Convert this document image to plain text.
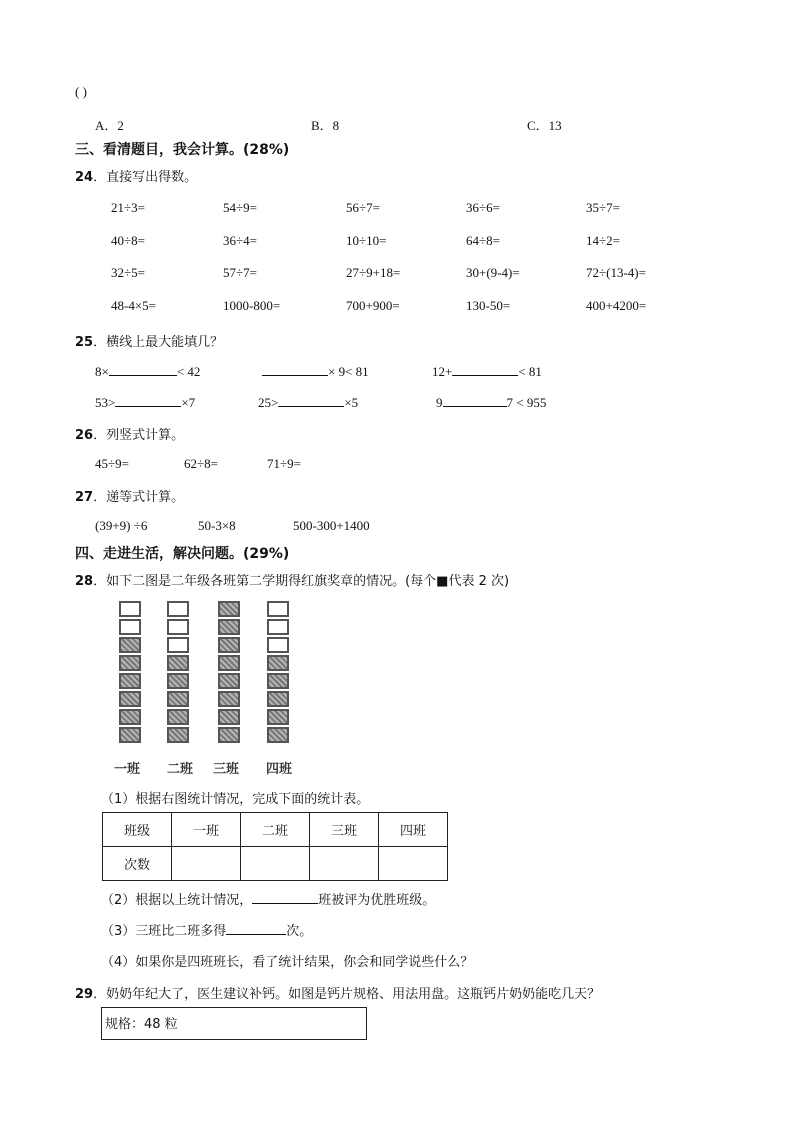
( )
A．2	B．8	C．13
三、看清题目，我会计算。(28%)
24．直接写出得数。
21÷3=	54÷9=	56÷7=	36÷6=	35÷7=
40÷8=	36÷4=	10÷10=	64÷8=	14÷2=
32÷5=	57÷7=	27÷9+18=	30+(9-4)=	72÷(13-4)=
48-4×5=	1000-800=	700+900=	130-50=	400+4200=
25．横线上最大能填几？
8×	< 42	× 9< 81	12+	< 81
53>	×7	25>	×5	9	7 < 955
26．列竖式计算。
45÷9=	62÷8=	71÷9=
27．递等式计算。
(39+9) ÷6	50-3×8	500-300+1400
四、走进生活，解决问题。(29%)
28．如下二图是二年级各班第二学期得红旗奖章的情况。(每个■代表 2 次)
一班 二班 三班 四班
（1）根据右图统计情况，完成下面的统计表。
班级	一班	二班	三班	四班
次数				
（2）根据以上统计情况，	班被评为优胜班级。
（3）三班比二班多得	次。
（4）如果你是四班班长，看了统计结果，你会和同学说些什么？
29．奶奶年纪大了，医生建议补钙。如图是钙片规格、用法用盘。这瓶钙片奶奶能吃几天？
规格：48 粒
